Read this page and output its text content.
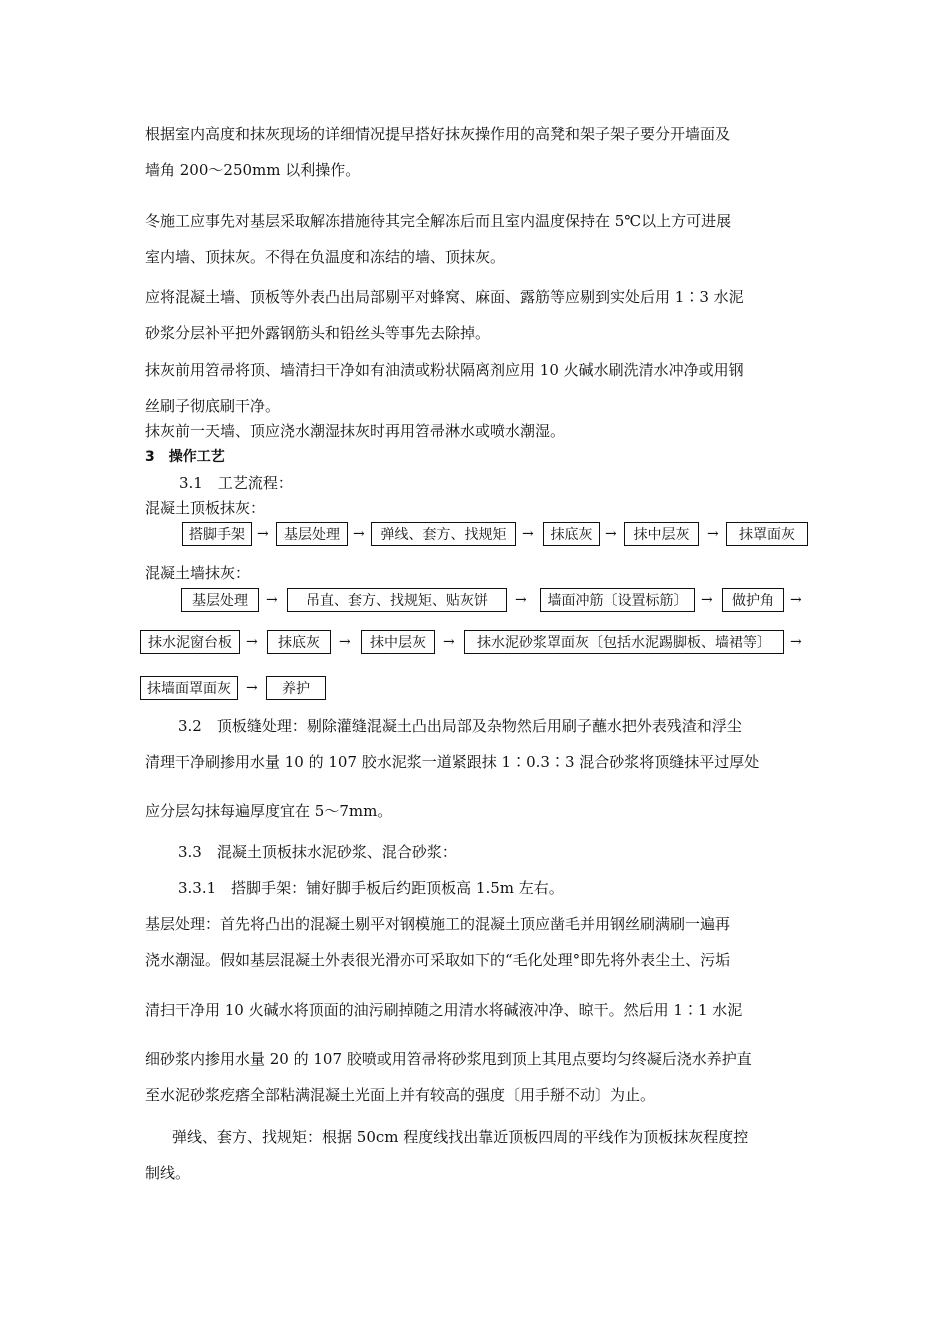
根据室内高度和抹灰现场的详细情况提早搭好抹灰操作用的高凳和架子架子要分开墙面及
墙角 200～250mm 以利操作。
冬施工应事先对基层采取解冻措施待其完全解冻后而且室内温度保持在 5℃以上方可进展
室内墙、顶抹灰。不得在负温度和冻结的墙、顶抹灰。
应将混凝土墙、顶板等外表凸出局部剔平对蜂窝、麻面、露筋等应剔到实处后用 1∶3 水泥
砂浆分层补平把外露钢筋头和铅丝头等事先去除掉。
抹灰前用笤帚将顶、墙清扫干净如有油渍或粉状隔离剂应用 10 火碱水刷洗清水冲净或用钢
丝刷子彻底刷干净。
抹灰前一天墙、顶应浇水潮湿抹灰时再用笤帚淋水或喷水潮湿。
3　操作工艺
3.1　工艺流程：
混凝土顶板抹灰：
搭脚手架 →	基层处理 →	弹线、套方、找规矩	→	抹底灰 →	抹中层灰	→	抹罩面灰
混凝土墙抹灰：
基层处理	→	吊直、套方、找规矩、贴灰饼	→	墙面冲筋〔设置标筋〕 →	做护角	→
抹水泥窗台板	→	抹底灰	→	抹中层灰	→	抹水泥砂浆罩面灰〔包括水泥踢脚板、墙裙等〕	→
抹墙面罩面灰	→	养护
3.2　顶板缝处理：剔除灌缝混凝土凸出局部及杂物然后用刷子蘸水把外表残渣和浮尘
清理干净刷掺用水量 10 的 107 胶水泥浆一道紧跟抹 1∶0.3∶3 混合砂浆将顶缝抹平过厚处
应分层勾抹每遍厚度宜在 5～7mm。
3.3　混凝土顶板抹水泥砂浆、混合砂浆：
3.3.1　搭脚手架：铺好脚手板后约距顶板高 1.5m 左右。
基层处理：首先将凸出的混凝土剔平对钢模施工的混凝土顶应凿毛并用钢丝刷满刷一遍再
浇水潮湿。假如基层混凝土外表很光滑亦可采取如下的“毛化处理°即先将外表尘土、污垢
清扫干净用 10 火碱水将顶面的油污刷掉随之用清水将碱液冲净、晾干。然后用 1∶1 水泥
细砂浆内掺用水量 20 的 107 胶喷或用笤帚将砂浆甩到顶上其甩点要均匀终凝后浇水养护直
至水泥砂浆疙瘩全部粘满混凝土光面上并有较高的强度〔用手掰不动〕为止。
弹线、套方、找规矩：根据 50cm 程度线找出靠近顶板四周的平线作为顶板抹灰程度控
制线。
